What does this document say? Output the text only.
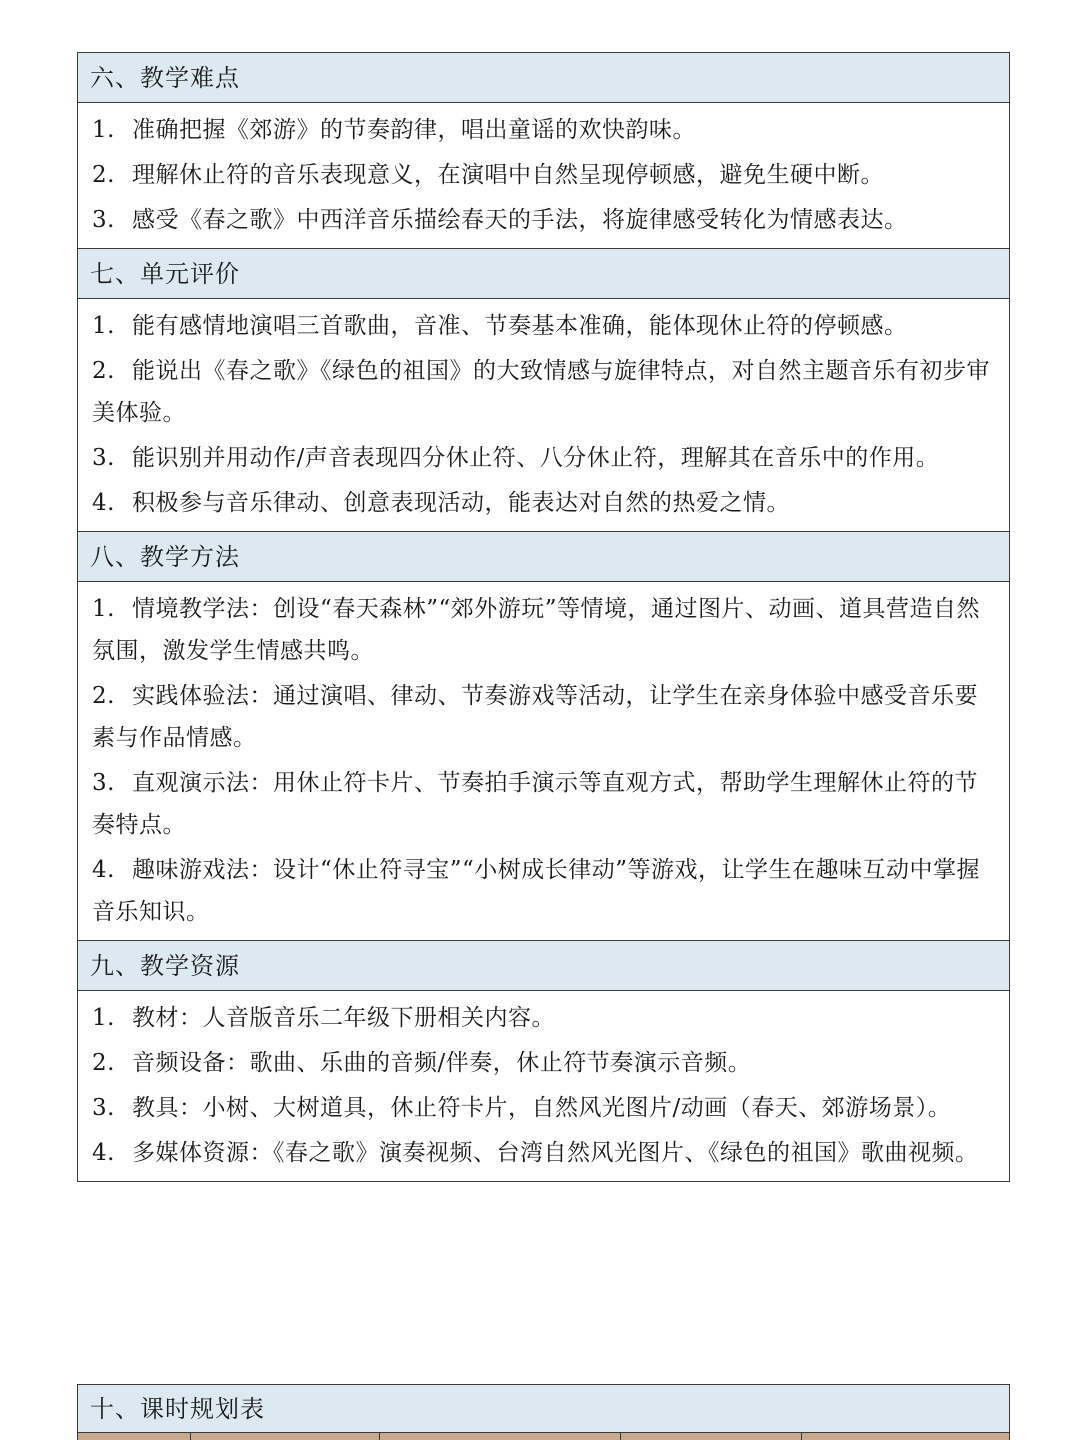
六、教学难点
1. 准确把握《郊游》的节奏韵律，唱出童谣的欢快韵味。
2. 理解休止符的音乐表现意义，在演唱中自然呈现停顿感，避免生硬中断。
3. 感受《春之歌》中西洋音乐描绘春天的手法，将旋律感受转化为情感表达。
七、单元评价
1. 能有感情地演唱三首歌曲，音准、节奏基本准确，能体现休止符的停顿感。
2. 能说出《春之歌》《绿色的祖国》的大致情感与旋律特点，对自然主题音乐有初步审美体验。
3. 能识别并用动作/声音表现四分休止符、八分休止符，理解其在音乐中的作用。
4. 积极参与音乐律动、创意表现活动，能表达对自然的热爱之情。
八、教学方法
1. 情境教学法：创设“春天森林”“郊外游玩”等情境，通过图片、动画、道具营造自然氛围，激发学生情感共鸣。
2. 实践体验法：通过演唱、律动、节奏游戏等活动，让学生在亲身体验中感受音乐要素与作品情感。
3. 直观演示法：用休止符卡片、节奏拍手演示等直观方式，帮助学生理解休止符的节奏特点。
4. 趣味游戏法：设计“休止符寻宝”“小树成长律动”等游戏，让学生在趣味互动中掌握音乐知识。
九、教学资源
1. 教材：人音版音乐二年级下册相关内容。
2. 音频设备：歌曲、乐曲的音频/伴奏，休止符节奏演示音频。
3. 教具：小树、大树道具，休止符卡片，自然风光图片/动画（春天、郊游场景）。
4. 多媒体资源：《春之歌》演奏视频、台湾自然风光图片、《绿色的祖国》歌曲视频。
十、课时规划表
